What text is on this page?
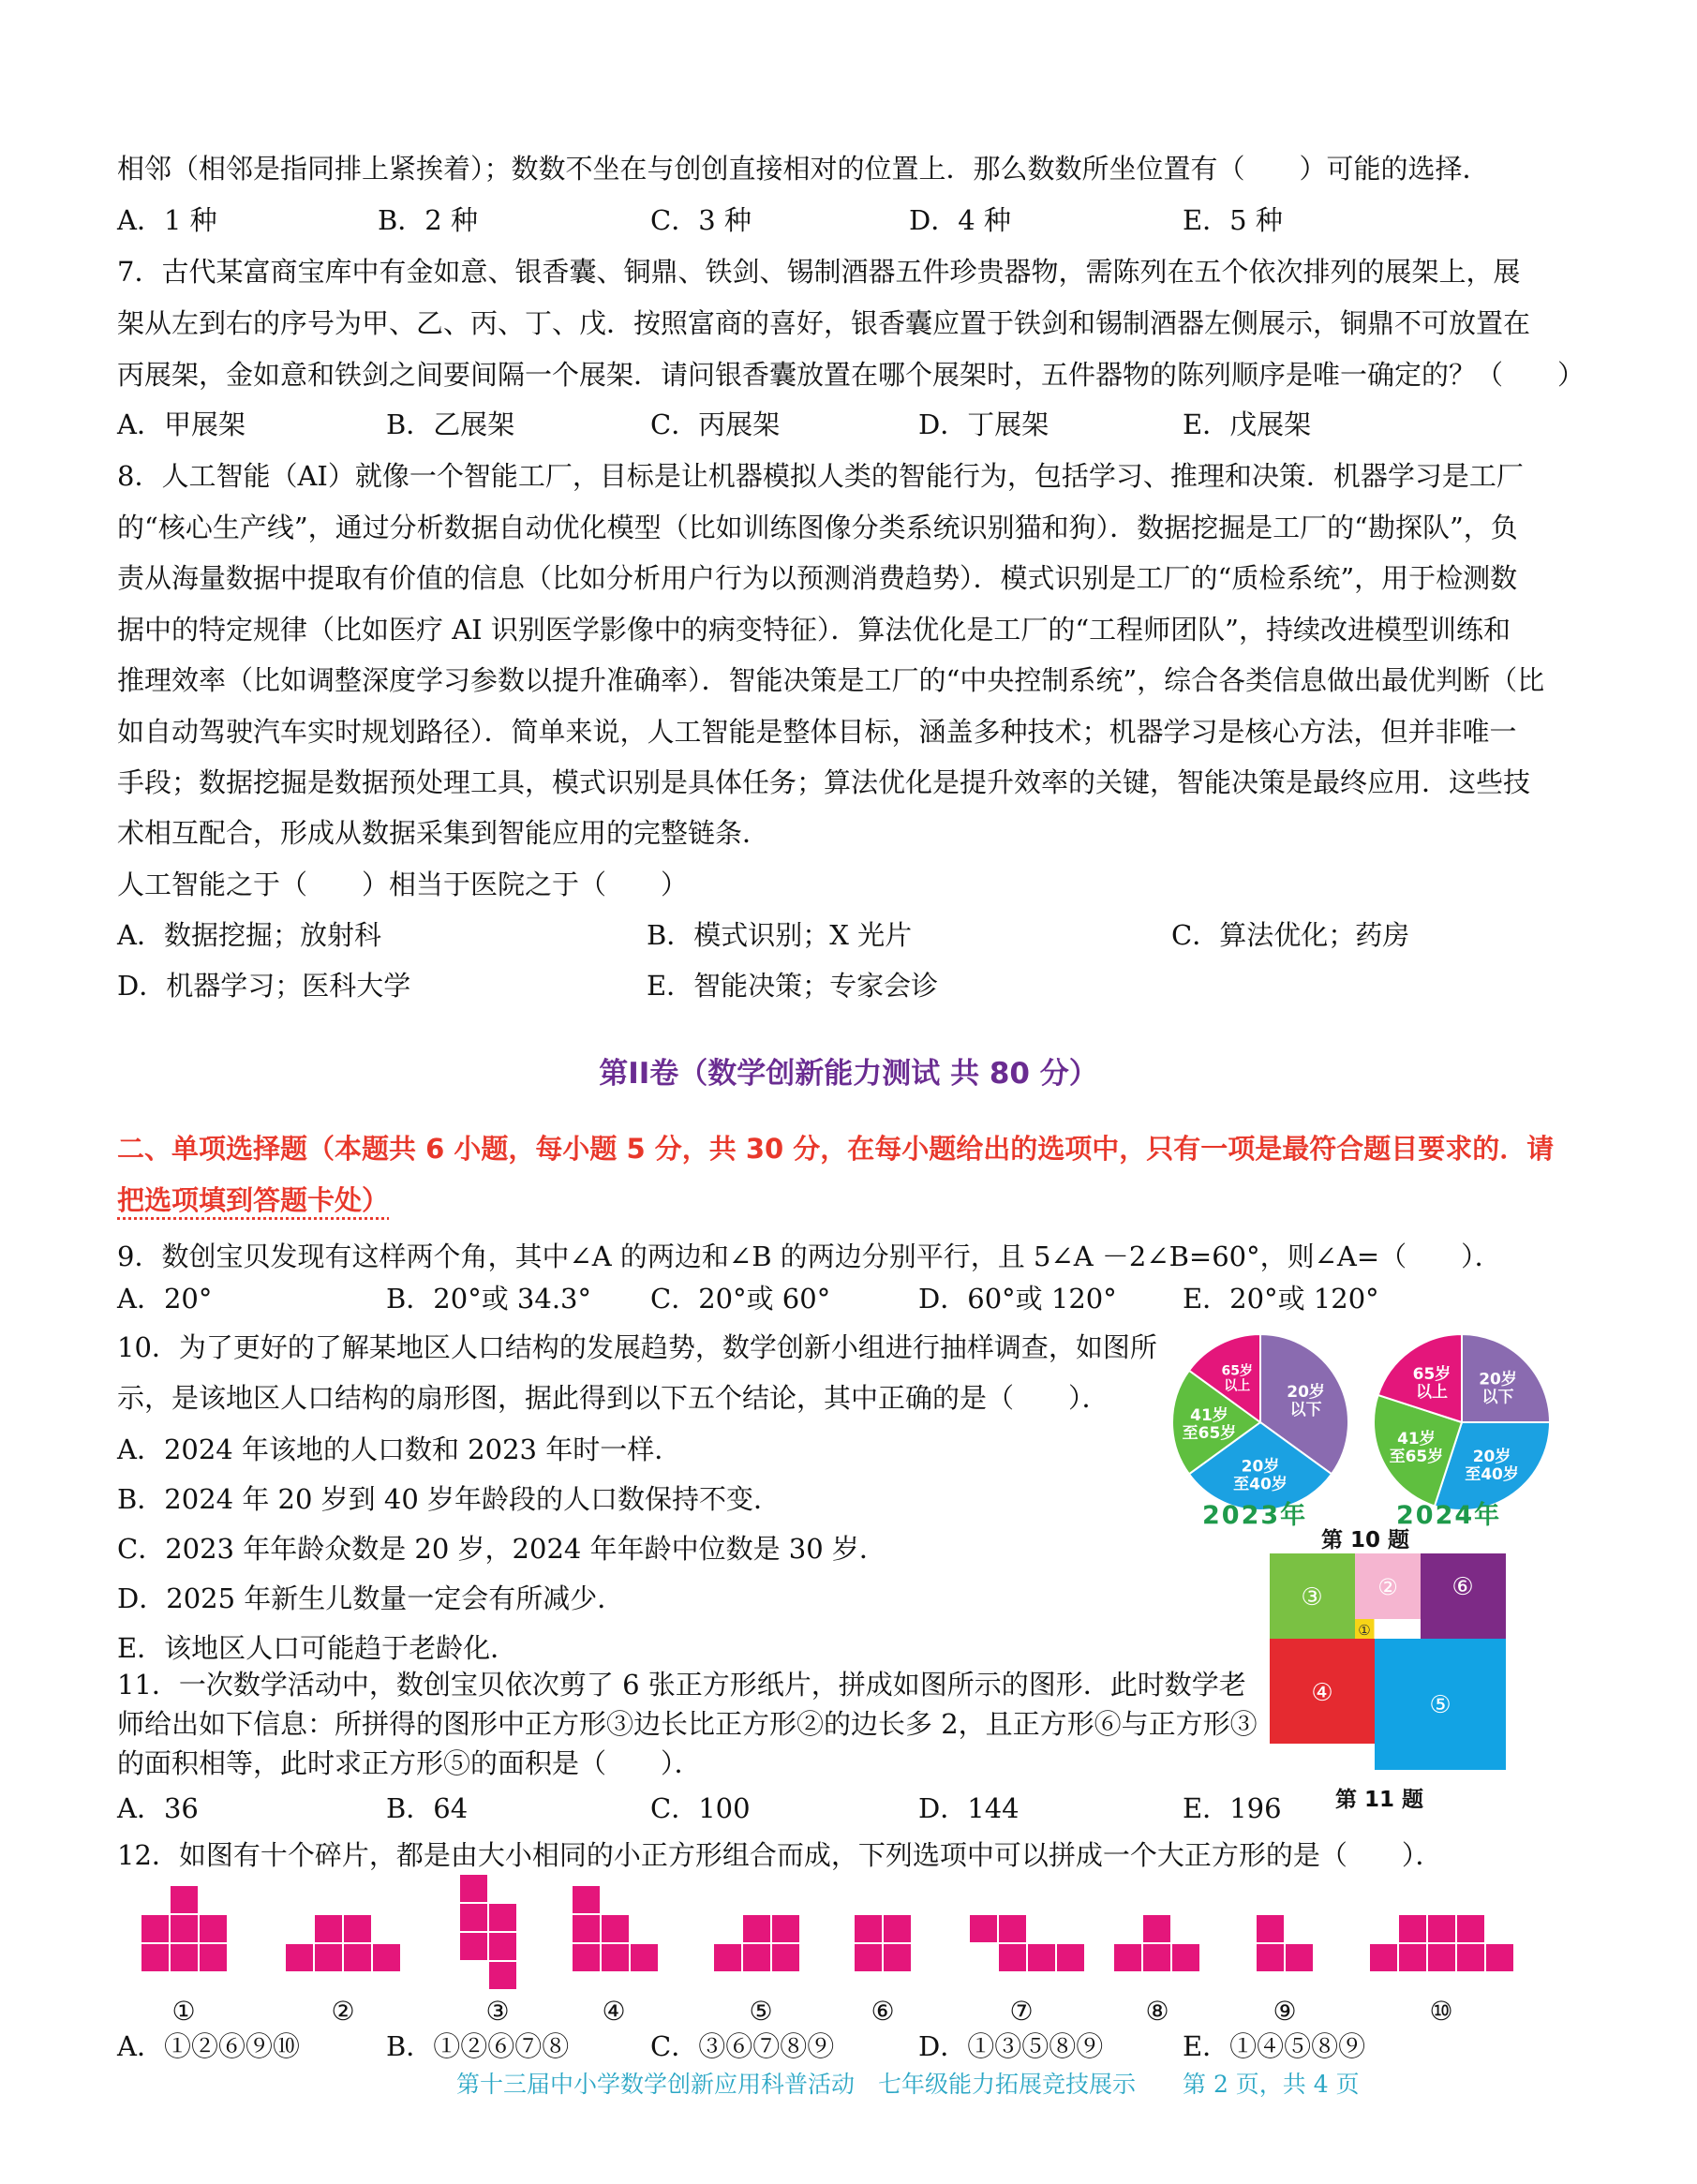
相邻（相邻是指同排上紧挨着）；数数不坐在与创创直接相对的位置上．那么数数所坐位置有（　　）可能的选择．
A．1 种	B．2 种	C．3 种	D．4 种	E．5 种
7．古代某富商宝库中有金如意、银香囊、铜鼎、铁剑、锡制酒器五件珍贵器物，需陈列在五个依次排列的展架上，展
架从左到右的序号为甲、乙、丙、丁、戊．按照富商的喜好，银香囊应置于铁剑和锡制酒器左侧展示，铜鼎不可放置在
丙展架，金如意和铁剑之间要间隔一个展架．请问银香囊放置在哪个展架时，五件器物的陈列顺序是唯一确定的？（　　）
A．甲展架	B．乙展架	C．丙展架	D．丁展架	E．戊展架
8．人工智能（AI）就像一个智能工厂，目标是让机器模拟人类的智能行为，包括学习、推理和决策．机器学习是工厂
的“核心生产线”，通过分析数据自动优化模型（比如训练图像分类系统识别猫和狗）．数据挖掘是工厂的“勘探队”，负
责从海量数据中提取有价值的信息（比如分析用户行为以预测消费趋势）．模式识别是工厂的“质检系统”，用于检测数
据中的特定规律（比如医疗 AI 识别医学影像中的病变特征）．算法优化是工厂的“工程师团队”，持续改进模型训练和
推理效率（比如调整深度学习参数以提升准确率）．智能决策是工厂的“中央控制系统”，综合各类信息做出最优判断（比
如自动驾驶汽车实时规划路径）．简单来说，人工智能是整体目标，涵盖多种技术；机器学习是核心方法，但并非唯一
手段；数据挖掘是数据预处理工具，模式识别是具体任务；算法优化是提升效率的关键，智能决策是最终应用．这些技
术相互配合，形成从数据采集到智能应用的完整链条．
人工智能之于（　　）相当于医院之于（　　）
A．数据挖掘；放射科	B．模式识别；X 光片	C．算法优化；药房
D．机器学习；医科大学	E．智能决策；专家会诊
第II卷（数学创新能力测试 共 80 分）
二、单项选择题（本题共 6 小题，每小题 5 分，共 30 分，在每小题给出的选项中，只有一项是最符合题目要求的．请
把选项填到答题卡处）
9．数创宝贝发现有这样两个角，其中∠A 的两边和∠B 的两边分别平行，且 5∠A －2∠B=60°，则∠A=（　　）．
A．20°	B．20°或 34.3° C．20°或 60°	D．60°或 120° E．20°或 120°
10．为了更好的了解某地区人口结构的发展趋势，数学创新小组进行抽样调查，如图所
示，是该地区人口结构的扇形图，据此得到以下五个结论，其中正确的是（　　）．
A．2024 年该地的人口数和 2023 年时一样．
B．2024 年 20 岁到 40 岁年龄段的人口数保持不变．
C．2023 年年龄众数是 20 岁，2024 年年龄中位数是 30 岁．
D．2025 年新生儿数量一定会有所减少．
E．该地区人口可能趋于老龄化．
20岁以下
20岁至40岁
41岁至65岁
65岁以上	20岁以下
20岁至40岁
41岁至65岁
65岁以上
2023年	2024年
第 10 题
11．一次数学活动中，数创宝贝依次剪了 6 张正方形纸片，拼成如图所示的图形．此时数学老
师给出如下信息：所拼得的图形中正方形③边长比正方形②的边长多 2，且正方形⑥与正方形③
的面积相等，此时求正方形⑤的面积是（　　）．
A．36	B．64	C．100	D．144	E．196
③ ② ⑥
①
④	⑤
第 11 题
12．如图有十个碎片，都是由大小相同的小正方形组合而成，下列选项中可以拼成一个大正方形的是（　　）．
①	②	③	④	⑤	⑥	⑦	⑧	⑨	⑩
A．①②⑥⑨⑩	B．①②⑥⑦⑧	C．③⑥⑦⑧⑨	D．①③⑤⑧⑨	E．①④⑤⑧⑨
第十三届中小学数学创新应用科普活动　七年级能力拓展竞技展示　　第 2 页，共 4 页
